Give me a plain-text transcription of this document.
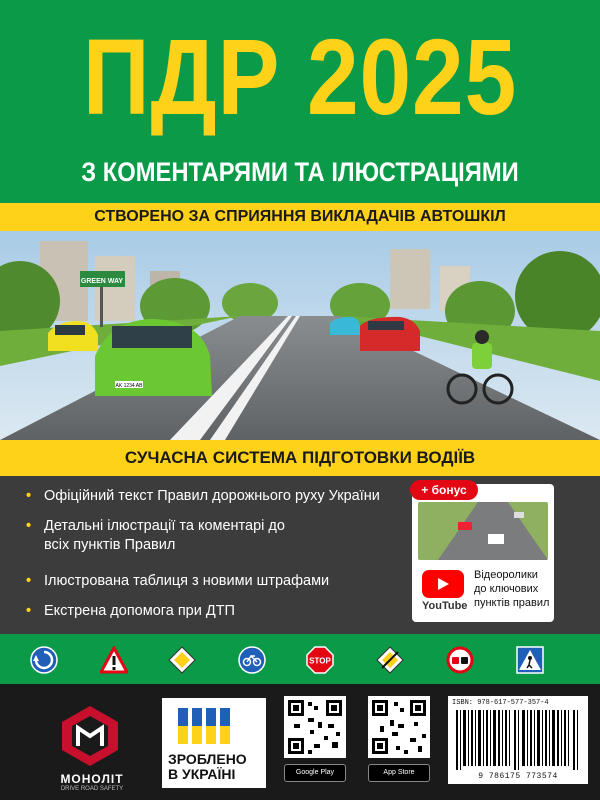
ПДР 2025
З КОМЕНТАРЯМИ ТА ІЛЮСТРАЦІЯМИ
СТВОРЕНО ЗА СПРИЯННЯ ВИКЛАДАЧІВ АВТОШКІЛ
GREEN WAY
AK 1234 AB
СУЧАСНА СИСТЕМА ПІДГОТОВКИ ВОДІЇВ
• Офіційний текст Правил дорожнього руху України
• Детальні ілюстрації та коментарі до всіх пунктів Правил
• Ілюстрована таблиця з новими штрафами
• Екстрена допомога при ДТП
+ бонус
YouTube
Відеоролики до ключових пунктів правил
STOP
МОНОЛІТ
DRIVE ROAD SAFETY
ЗРОБЛЕНО В УКРАЇНІ	Google Play	App Store
ISBN: 978-617-577-357-4
9 786175 773574
